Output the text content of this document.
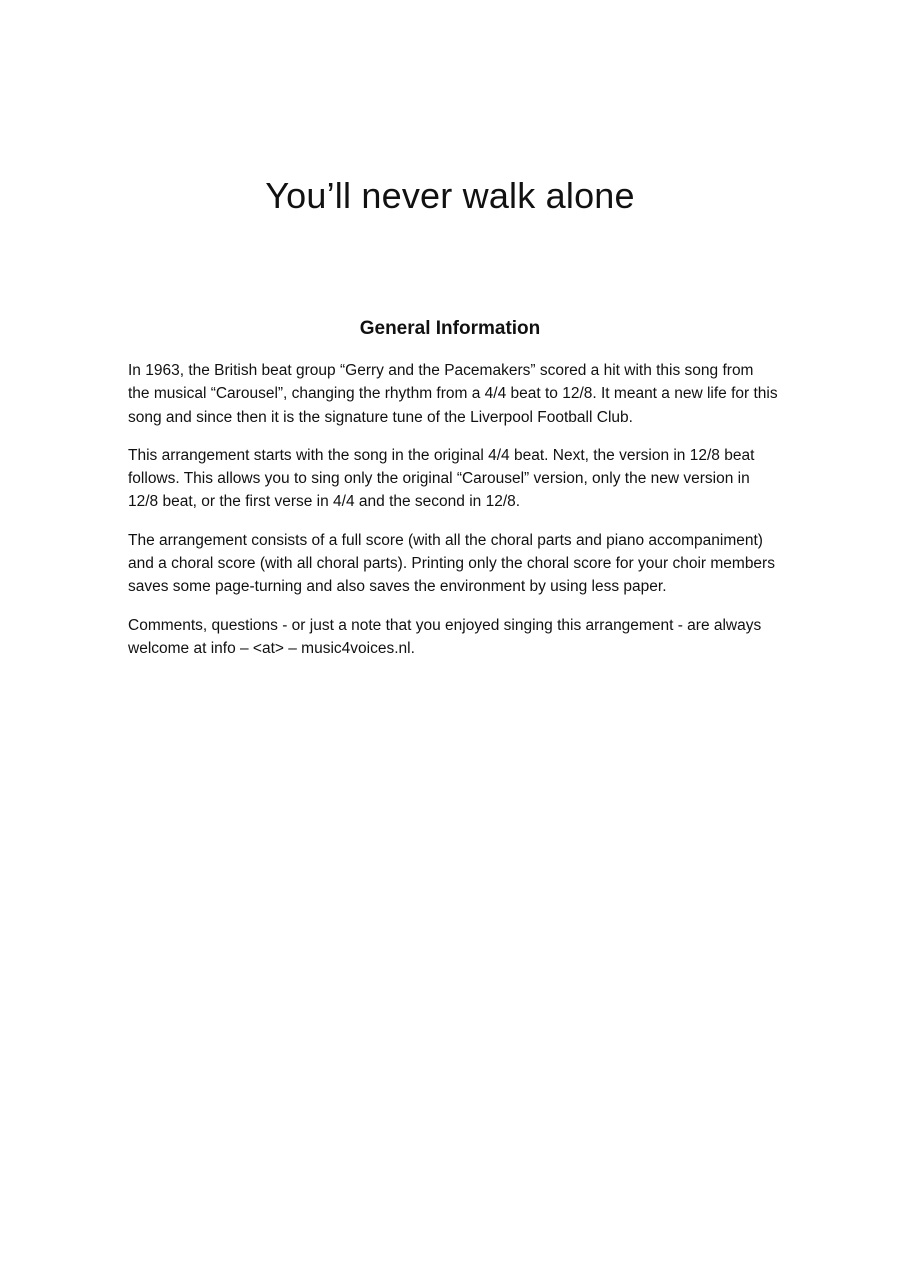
You’ll never walk alone
General Information

In 1963, the British beat group “Gerry and the Pacemakers” scored a hit with this song from the musical “Carousel”, changing the rhythm from a 4/4 beat to 12/8. It meant a new life for this song and since then it is the signature tune of the Liverpool Football Club.

This arrangement starts with the song in the original 4/4 beat. Next, the version in 12/8 beat follows. This allows you to sing only the original “Carousel” version, only the new version in 12/8 beat, or the first verse in 4/4 and the second in 12/8.

The arrangement consists of a full score (with all the choral parts and piano accompaniment) and a choral score (with all choral parts). Printing only the choral score for your choir members saves some page-turning and also saves the environment by using less paper.

Comments, questions - or just a note that you enjoyed singing this arrangement - are always welcome at info – <at> – music4voices.nl.
